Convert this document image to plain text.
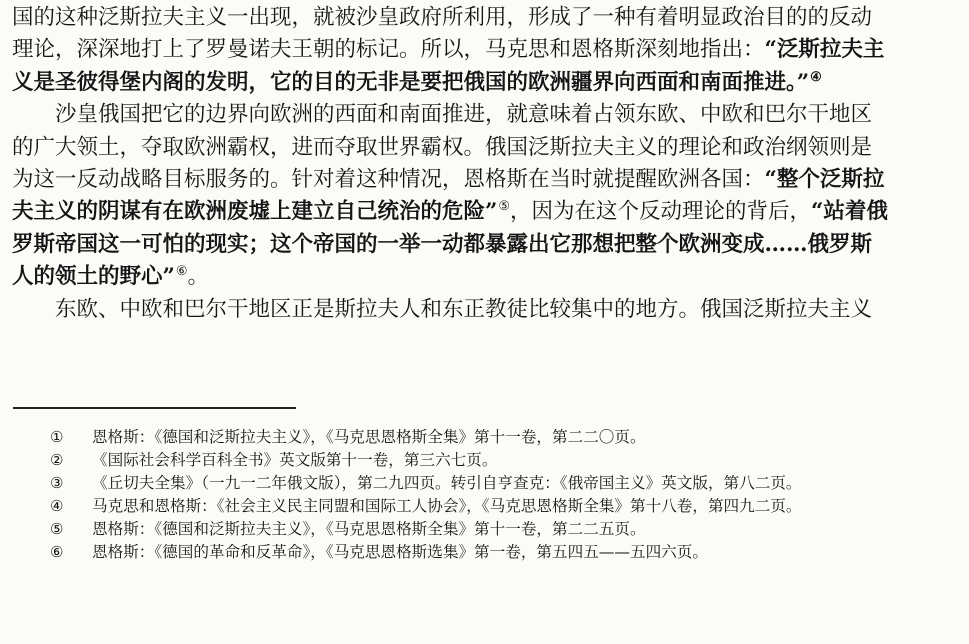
国的这种泛斯拉夫主义一出现，就被沙皇政府所利用，形成了一种有着明显政治目的的反动
理论，深深地打上了罗曼诺夫王朝的标记。所以，马克思和恩格斯深刻地指出：“泛斯拉夫主
义是圣彼得堡内阁的发明，它的目的无非是要把俄国的欧洲疆界向西面和南面推进。”④
沙皇俄国把它的边界向欧洲的西面和南面推进，就意味着占领东欧、中欧和巴尔干地区
的广大领土，夺取欧洲霸权，进而夺取世界霸权。俄国泛斯拉夫主义的理论和政治纲领则是
为这一反动战略目标服务的。针对着这种情况，恩格斯在当时就提醒欧洲各国：“整个泛斯拉
夫主义的阴谋有在欧洲废墟上建立自己统治的危险”⑤，因为在这个反动理论的背后，“站着俄
罗斯帝国这一可怕的现实；这个帝国的一举一动都暴露出它那想把整个欧洲变成……俄罗斯
人的领土的野心”⑥。
东欧、中欧和巴尔干地区正是斯拉夫人和东正教徒比较集中的地方。俄国泛斯拉夫主义
① 恩格斯：《德国和泛斯拉夫主义》，《马克思恩格斯全集》第十一卷，第二二〇页。
② 《国际社会科学百科全书》英文版第十一卷，第三六七页。
③ 《丘切夫全集》（一九一二年俄文版），第二九四页。转引自亨查克：《俄帝国主义》英文版，第八二页。
④ 马克思和恩格斯：《社会主义民主同盟和国际工人协会》，《马克思恩格斯全集》第十八卷，第四九二页。
⑤ 恩格斯：《德国和泛斯拉夫主义》，《马克思恩格斯全集》第十一卷，第二二五页。
⑥ 恩格斯：《德国的革命和反革命》，《马克思恩格斯选集》第一卷，第五四五——五四六页。
